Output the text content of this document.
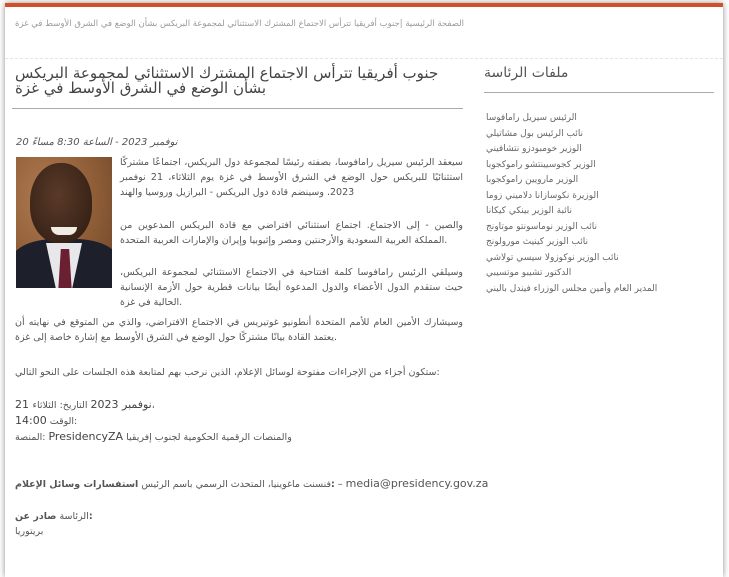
الصفحة الرئيسية |جنوب أفريقيا تترأس الاجتماع المشترك الاستثنائي لمجموعة البريكس بشأن الوضع في الشرق الأوسط في غزة
جنوب أفريقيا تترأس الاجتماع المشترك الاستثنائي لمجموعة البريكس بشأن الوضع في الشرق الأوسط في غزة
ملفات الرئاسة
الرئيس سيريل رامافوسا
نائب الرئيس بول مشاتيلي
الوزير خومبودزو نتشافيني
الوزير كجوسيينتشو راموكجوبا
الوزير مارويين راموكجوبا
الوزيرة نكوسازانا دلاميني زوما
نائبة الوزير بينكي كيكانا
نائب الوزير نوماسونتو موتاونج
نائب الوزير كينيث مورولونج
نائب الوزير نوكوزولا سيسي تولاشي
الدكتور تشيبو موتسيبي
المدير العام وأمين مجلس الوزراء فيندل باليني
20 نوفمبر 2023 - الساعة 8:30 مساءً
سيعقد الرئيس سيريل رامافوسا، بصفته رئيسًا لمجموعة دول البريكس، اجتماعًا مشتركًا استثنائيًا للبريكس حول الوضع في الشرق الأوسط في غزة يوم الثلاثاء، 21 نوفمبر 2023. وسينضم قادة دول البريكس - البرازيل وروسيا والهند
والصين - إلى الاجتماع. اجتماع استثنائي افتراضي مع قادة البريكس المدعوين من المملكة العربية السعودية والأرجنتين ومصر وإثيوبيا وإيران والإمارات العربية المتحدة.
وسيلقي الرئيس رامافوسا كلمة افتتاحية في الاجتماع الاستثنائي لمجموعة البريكس، حيث ستقدم الدول الأعضاء والدول المدعوة أيضًا بيانات قطرية حول الأزمة الإنسانية الحالية في غزة.
وسيشارك الأمين العام للأمم المتحدة أنطونيو غوتيريس في الاجتماع الافتراضي، والذي من المتوقع في نهايته أن يعتمد القادة بيانًا مشتركًا حول الوضع في الشرق الأوسط مع إشارة خاصة إلى غزة.
ستكون أجزاء من الإجراءات مفتوحة لوسائل الإعلام، الذين نرحب بهم لمتابعة هذه الجلسات على النحو التالي:
21 نوفمبر 2023 التاريخ: الثلاثاء،
14:00 الوقت:
المنصة: PresidencyZA والمنصات الرقمية الحكومية لجنوب إفريقيا
فنسنت ماغوينيا، المتحدث الرسمي باسم الرئيس استفسارات وسائل الإعلام: – media@presidency.gov.za
الرئاسة صادر عن:
بريتوريا
